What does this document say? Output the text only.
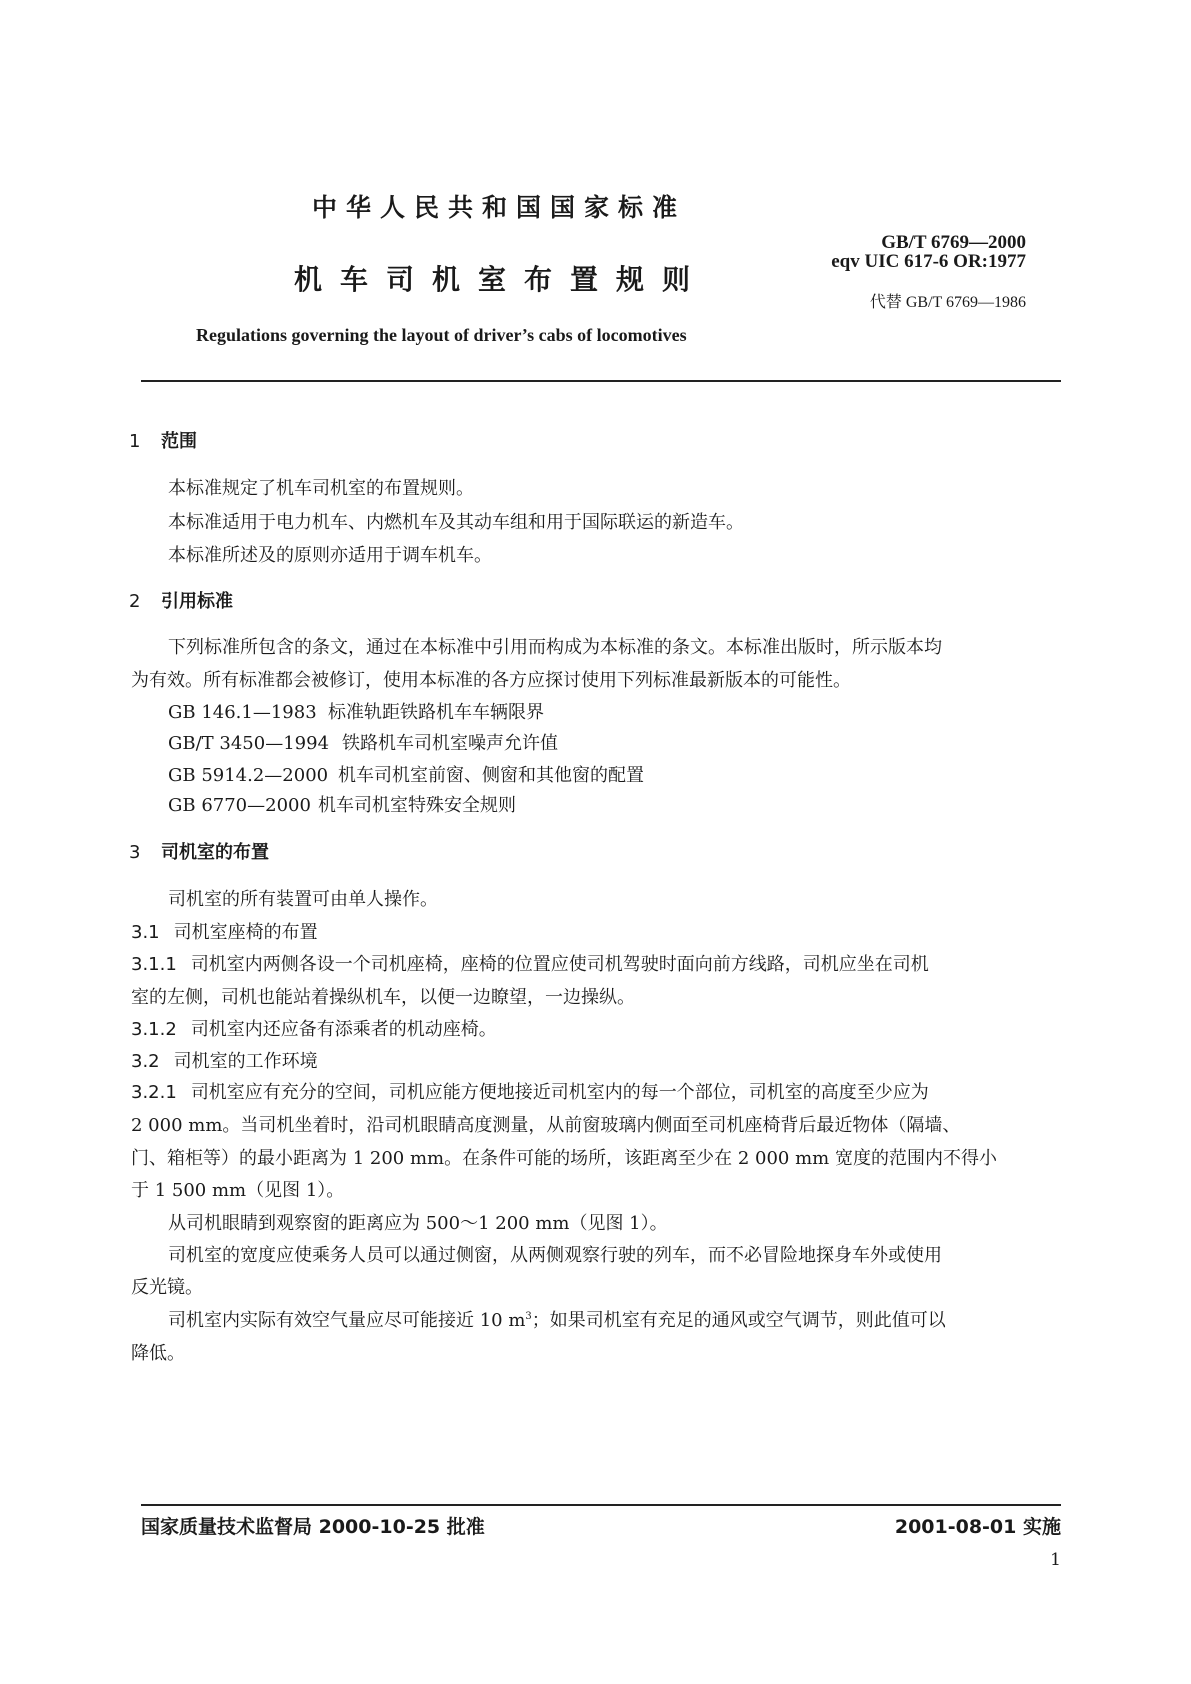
中华人民共和国国家标准
机车司机室布置规则
Regulations governing the layout of driver’s cabs of locomotives
GB/T 6769—2000
eqv UIC 617-6 OR:1977
代替 GB/T 6769—1986
1 范围
本标准规定了机车司机室的布置规则。
本标准适用于电力机车、内燃机车及其动车组和用于国际联运的新造车。
本标准所述及的原则亦适用于调车机车。
2 引用标准
下列标准所包含的条文，通过在本标准中引用而构成为本标准的条文。本标准出版时，所示版本均
为有效。所有标准都会被修订，使用本标准的各方应探讨使用下列标准最新版本的可能性。
GB 146.1—1983 标准轨距铁路机车车辆限界
GB/T 3450—1994 铁路机车司机室噪声允许值
GB 5914.2—2000 机车司机室前窗、侧窗和其他窗的配置
GB 6770—2000 机车司机室特殊安全规则
3 司机室的布置
司机室的所有装置可由单人操作。
3.1 司机室座椅的布置
3.1.1 司机室内两侧各设一个司机座椅，座椅的位置应使司机驾驶时面向前方线路，司机应坐在司机
室的左侧，司机也能站着操纵机车，以便一边瞭望，一边操纵。
3.1.2 司机室内还应备有添乘者的机动座椅。
3.2 司机室的工作环境
3.2.1 司机室应有充分的空间，司机应能方便地接近司机室内的每一个部位，司机室的高度至少应为
2 000 mm。当司机坐着时，沿司机眼睛高度测量，从前窗玻璃内侧面至司机座椅背后最近物体（隔墙、
门、箱柜等）的最小距离为 1 200 mm。在条件可能的场所，该距离至少在 2 000 mm 宽度的范围内不得小
于 1 500 mm（见图 1）。
从司机眼睛到观察窗的距离应为 500～1 200 mm（见图 1）。
司机室的宽度应使乘务人员可以通过侧窗，从两侧观察行驶的列车，而不必冒险地探身车外或使用
反光镜。
司机室内实际有效空气量应尽可能接近 10 $m^3$；如果司机室有充足的通风或空气调节，则此值可以
降低。
国家质量技术监督局 2000-10-25 批准	2001-08-01 实施
1
